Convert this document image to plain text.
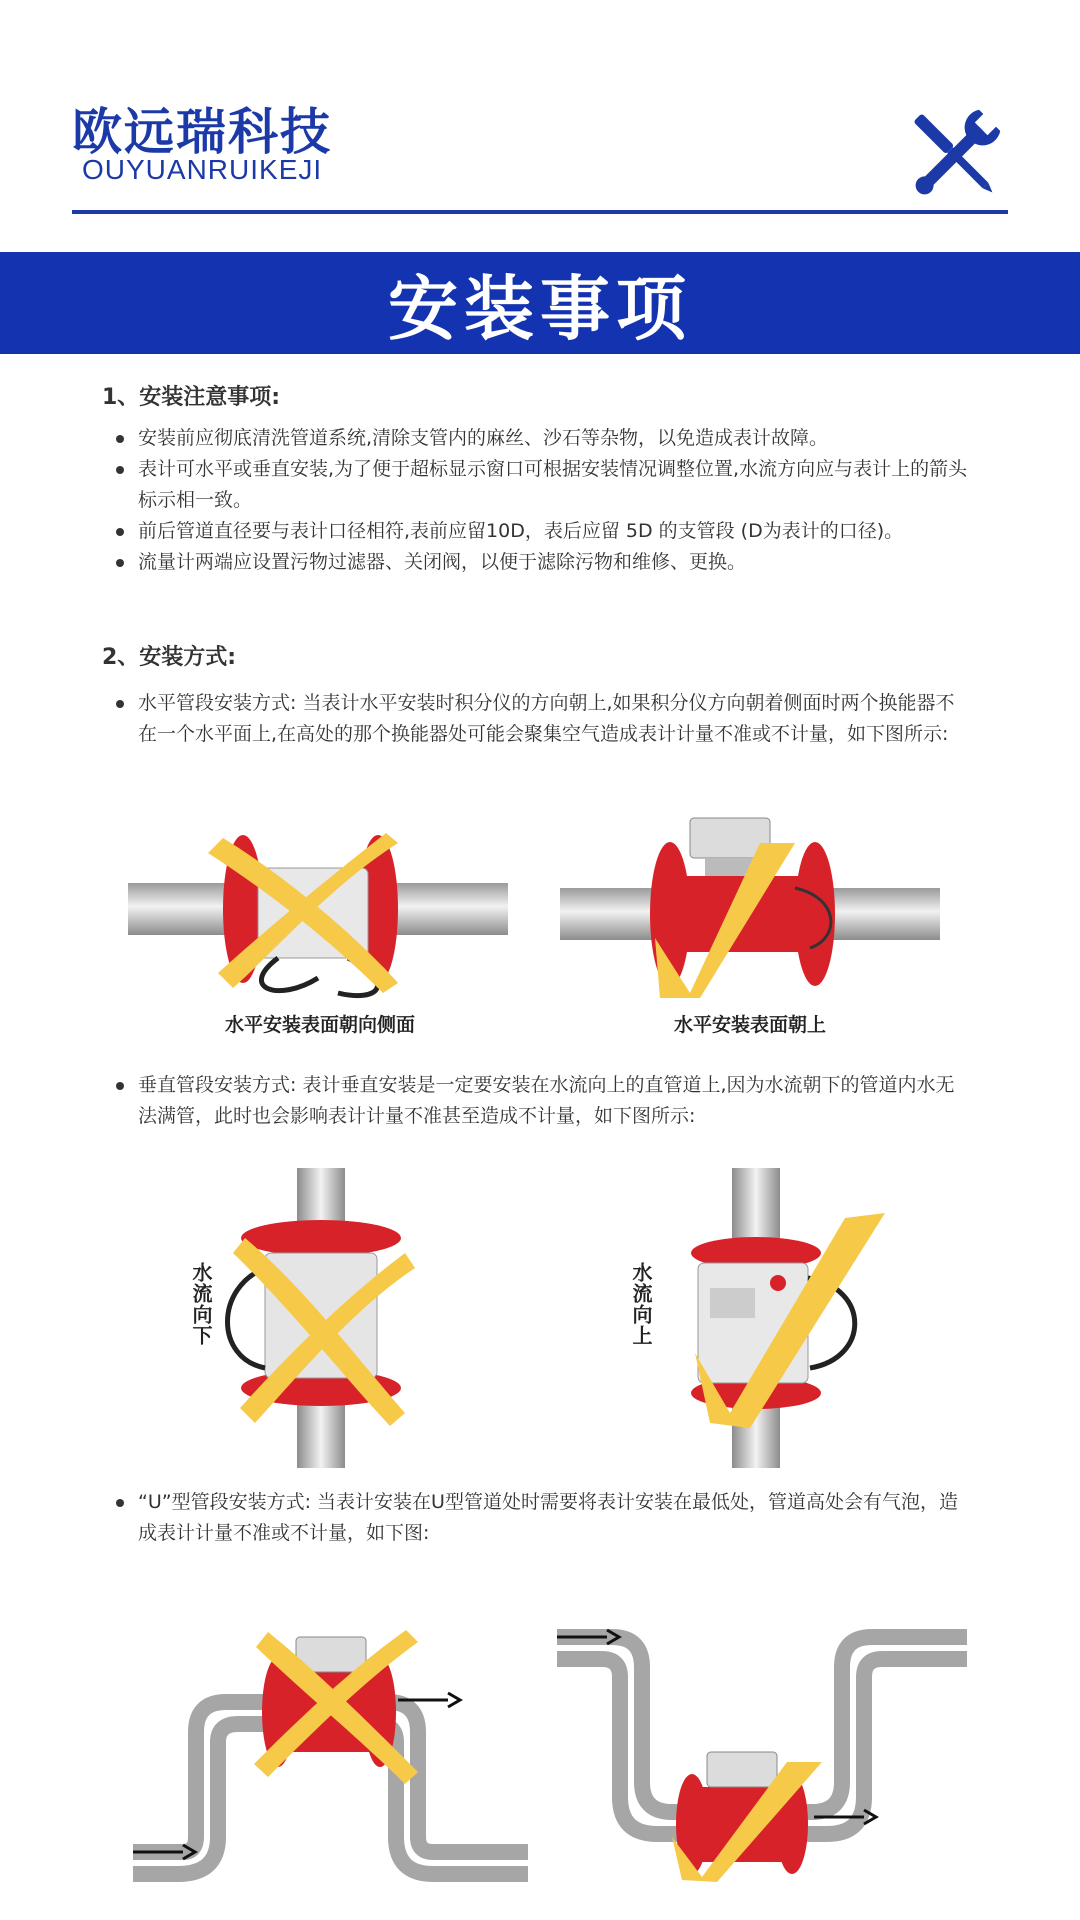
欧远瑞科技
OUYUANRUIKEJI
安装事项
1、安装注意事项:
安装前应彻底清洗管道系统,清除支管内的麻丝、沙石等杂物，以免造成表计故障。
表计可水平或垂直安装,为了便于超标显示窗口可根据安装情况调整位置,水流方向应与表计上的箭头标示相一致。
前后管道直径要与表计口径相符,表前应留10D，表后应留 5D 的支管段 (D为表计的口径)。
流量计两端应设置污物过滤器、关闭阀，以便于滤除污物和维修、更换。
2、安装方式:
水平管段安装方式: 当表计水平安装时积分仪的方向朝上,如果积分仪方向朝着侧面时两个换能器不在一个水平面上,在高处的那个换能器处可能会聚集空气造成表计计量不准或不计量，如下图所示:
水平安装表面朝向侧面	水平安装表面朝上
垂直管段安装方式: 表计垂直安装是一定要安装在水流向上的直管道上,因为水流朝下的管道内水无法满管，此时也会影响表计计量不准甚至造成不计量，如下图所示:
水流向下	水流向上
“U”型管段安装方式: 当表计安装在U型管道处时需要将表计安装在最低处，管道高处会有气泡，造成表计计量不准或不计量，如下图:
